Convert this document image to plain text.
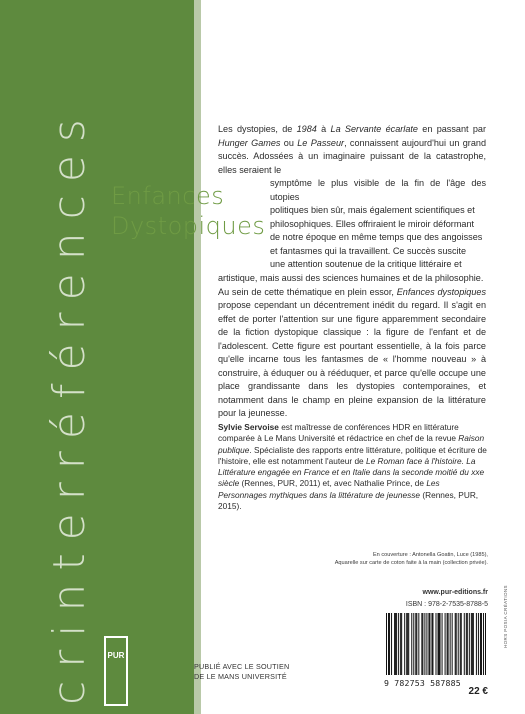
crinterréférences Enfances
Dystopiques

Les dystopies, de 1984 à La Servante écarlate en passant par Hunger Games ou Le Passeur, connaissent aujourd'hui un grand succès. Adossées à un imaginaire puissant de la catastrophe, elles seraient le

symptôme le plus visible de la fin de l'âge des utopies

politiques bien sûr, mais également scientifiques et

philosophiques. Elles offriraient le miroir déformant

de notre époque en même temps que des angoisses

et fantasmes qui la travaillent. Ce succès suscite

une attention soutenue de la critique littéraire et

artistique, mais aussi des sciences humaines et de la philosophie.

Au sein de cette thématique en plein essor, Enfances dystopiques propose cependant un décentrement inédit du regard. Il s'agit en effet de porter l'attention sur une figure apparemment secondaire de la fiction dystopique classique : la figure de l'enfant et de l'adolescent. Cette figure est pourtant essentielle, à la fois parce qu'elle incarne tous les fantasmes de « l'homme nouveau » à construire, à éduquer ou à rééduquer, et parce qu'elle occupe une place grandissante dans les dystopies contemporaines, et notamment dans le champ en pleine expansion de la littérature pour la jeunesse.

Sylvie Servoise est maîtresse de conférences HDR en littérature comparée à Le Mans Université et rédactrice en chef de la revue Raison publique. Spécialiste des rapports entre littérature, politique et écriture de l'histoire, elle est notamment l'auteur de Le Roman face à l'histoire. La Littérature engagée en France et en Italie dans la seconde moitié du xxe siècle (Rennes, PUR, 2011) et, avec Nathalie Prince, de Les Personnages mythiques dans la littérature de jeunesse (Rennes, PUR, 2015).
En couverture : Antonella Goatin, Luce (1985),
Aquarelle sur carte de coton faite à la main (collection privée).
www.pur-editions.fr
ISBN : 978-2-7535-8788-5	HORS POSIA CRÉATIONS
9 782753 587885
22 €
PUR
PUBLIÉ AVEC LE SOUTIEN
DE LE MANS UNIVERSITÉ
